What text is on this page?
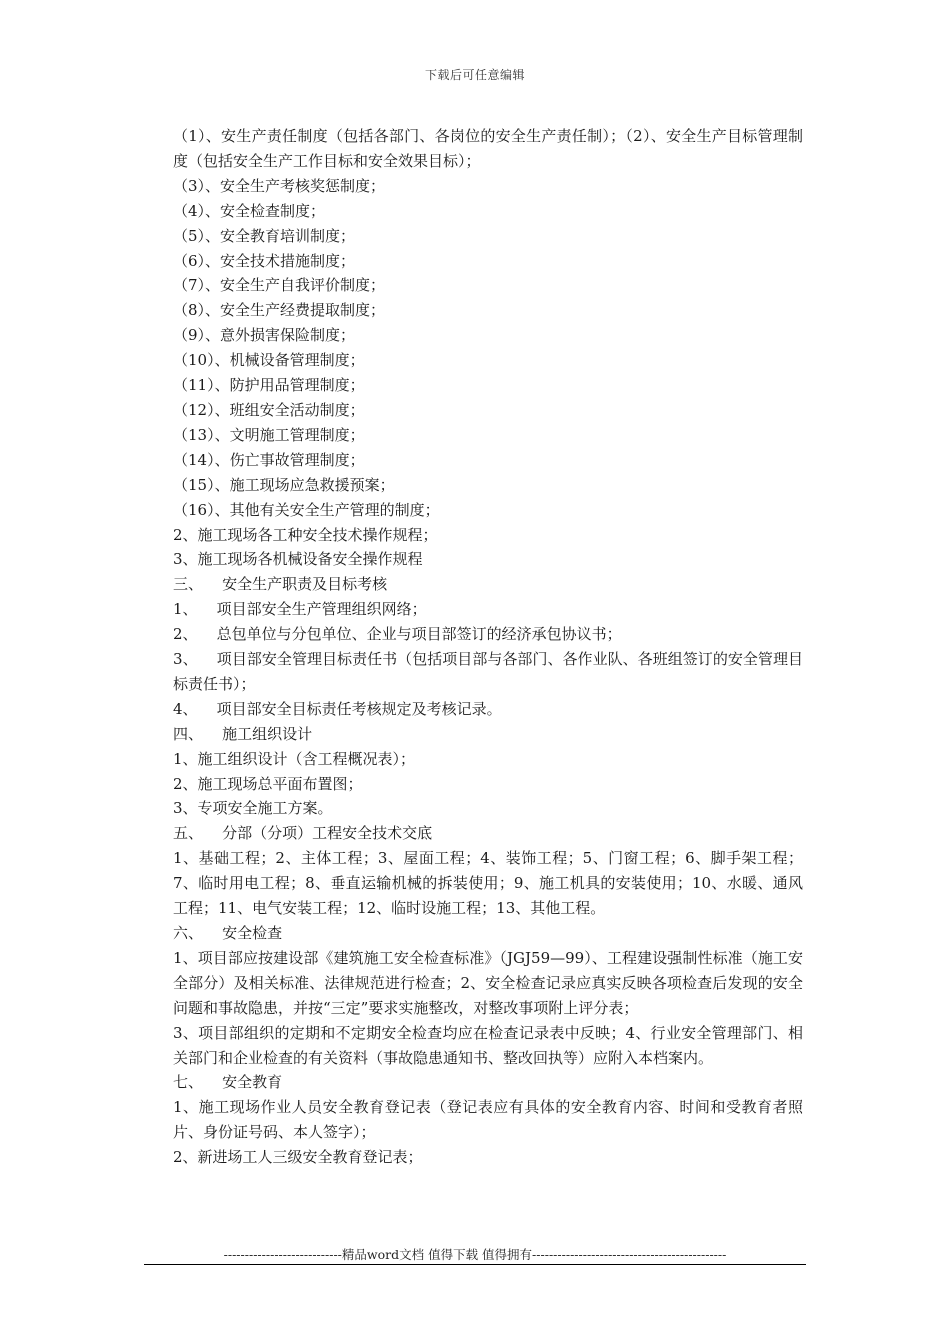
下载后可任意编辑
（1）、安生产责任制度（包括各部门、各岗位的安全生产责任制）；（2）、安全生产目标管理制度（包括安全生产工作目标和安全效果目标）；
（3）、安全生产考核奖惩制度；
（4）、安全检查制度；
（5）、安全教育培训制度；
（6）、安全技术措施制度；
（7）、安全生产自我评价制度；
（8）、安全生产经费提取制度；
（9）、意外损害保险制度；
（10）、机械设备管理制度；
（11）、防护用品管理制度；
（12）、班组安全活动制度；
（13）、文明施工管理制度；
（14）、伤亡事故管理制度；
（15）、施工现场应急救援预案；
（16）、其他有关安全生产管理的制度；
2、施工现场各工种安全技术操作规程；
3、施工现场各机械设备安全操作规程
三、    安全生产职责及目标考核
1、    项目部安全生产管理组织网络；
2、    总包单位与分包单位、企业与项目部签订的经济承包协议书；
3、    项目部安全管理目标责任书（包括项目部与各部门、各作业队、各班组签订的安全管理目标责任书）；
4、    项目部安全目标责任考核规定及考核记录。
四、    施工组织设计
1、施工组织设计（含工程概况表）；
2、施工现场总平面布置图；
3、专项安全施工方案。
五、    分部（分项）工程安全技术交底
1、基础工程；2、主体工程；3、屋面工程；4、装饰工程；5、门窗工程；6、脚手架工程；7、临时用电工程；8、垂直运输机械的拆装使用；9、施工机具的安装使用；10、水暖、通风工程；11、电气安装工程；12、临时设施工程；13、其他工程。
六、    安全检查
1、项目部应按建设部《建筑施工安全检查标准》（JGJ59—99）、工程建设强制性标准（施工安全部分）及相关标准、法律规范进行检查；2、安全检查记录应真实反映各项检查后发现的安全问题和事故隐患，并按“三定”要求实施整改，对整改事项附上评分表；
3、项目部组织的定期和不定期安全检查均应在检查记录表中反映；4、行业安全管理部门、相关部门和企业检查的有关资料（事故隐患通知书、整改回执等）应附入本档案内。
七、    安全教育
1、施工现场作业人员安全教育登记表（登记表应有具体的安全教育内容、时间和受教育者照片、身份证号码、本人签字）；
2、新进场工人三级安全教育登记表；
----------------------------精品word文档 值得下载 值得拥有----------------------------------------------
